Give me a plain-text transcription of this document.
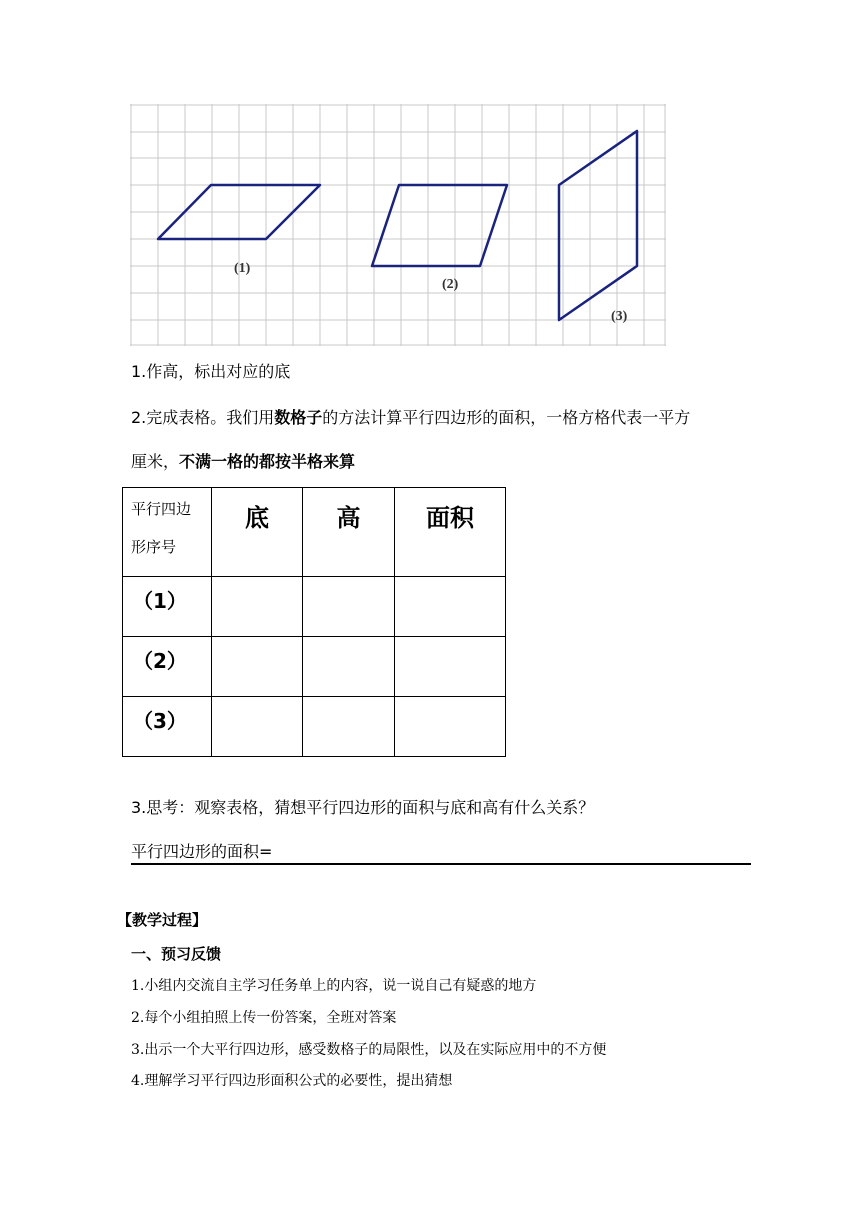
(1)
(2)
(3)
1.作高，标出对应的底
2.完成表格。我们用数格子的方法计算平行四边形的面积，一格方格代表一平方
厘米，不满一格的都按半格来算
平行四边
形序号	底	高	面积
（1）			
（2）			
（3）			
3.思考：观察表格，猜想平行四边形的面积与底和高有什么关系？
平行四边形的面积=
【教学过程】
一、预习反馈
1.小组内交流自主学习任务单上的内容，说一说自己有疑惑的地方
2.每个小组拍照上传一份答案，全班对答案
3.出示一个大平行四边形，感受数格子的局限性，以及在实际应用中的不方便
4.理解学习平行四边形面积公式的必要性，提出猜想
